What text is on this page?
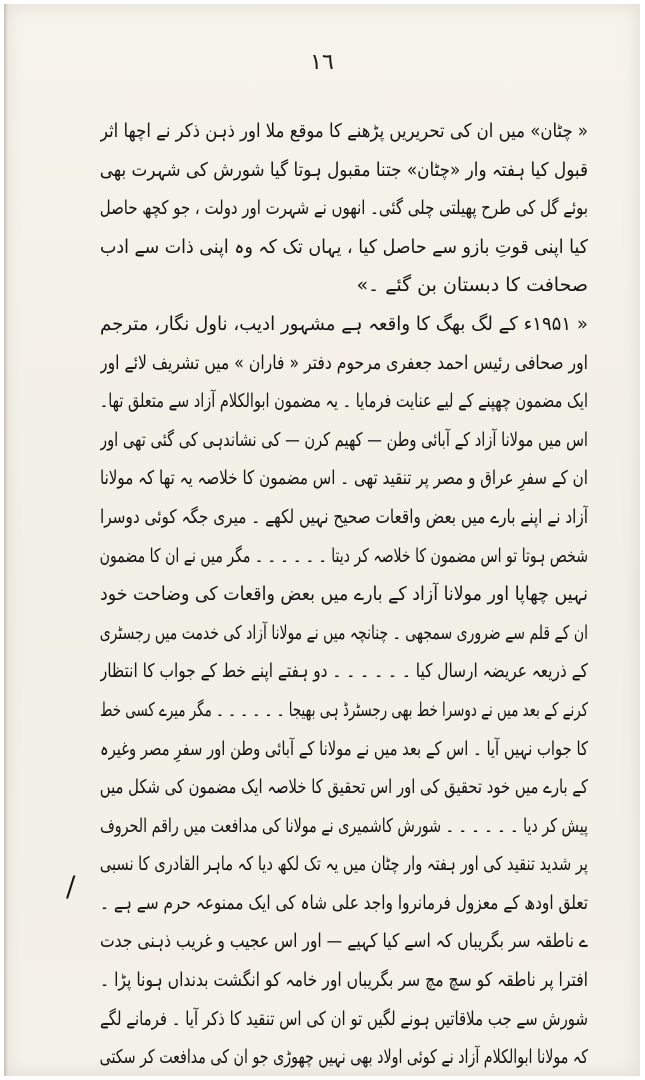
١٦
/
« چٹان» میں ان کی تحریریں پڑھنے کا موقع ملا اور ذہن ذکر نے اچھا اثر
قبول کیا ہفتہ وار «چٹان» جتنا مقبول ہوتا گیا شورش کی شہرت بھی
بوئے گل کی طرح پھیلتی چلی گئی۔ انھوں نے شہرت اور دولت ، جو کچھ حاصل
کیا اپنی قوتِ بازو سے حاصل کیا ، یہاں تک کہ وہ اپنی ذات سے ادب
صحافت کا دبستان بن گئے ۔»
« ۱۹۵۱ء کے لگ بھگ کا واقعہ ہے مشہور ادیب، ناول نگار، مترجم
اور صحافی رئیس احمد جعفری مرحوم دفتر « فاران » میں تشریف لائے اور
ایک مضمون چھپنے کے لیے عنایت فرمایا ۔ یہ مضمون ابوالکلام آزاد سے متعلق تھا۔
اس میں مولانا آزاد کے آبائی وطن — کھیم کرن — کی نشاندہی کی گئی تھی اور
ان کے سفرِ عراق و مصر پر تنقید تھی ۔ اس مضمون کا خلاصہ یہ تھا کہ مولانا
آزاد نے اپنے بارے میں بعض واقعات صحیح نہیں لکھے ۔ میری جگہ کوئی دوسرا
شخص ہوتا تو اس مضمون کا خلاصہ کر دیتا ۔ ۔ ۔ ۔ ۔ ۔ مگر میں نے ان کا مضمون
نہیں چھاپا اور مولانا آزاد کے بارے میں بعض واقعات کی وضاحت خود
ان کے قلم سے ضروری سمجھی ۔ چنانچہ میں نے مولانا آزاد کی خدمت میں رجسٹری
کے ذریعہ عریضہ ارسال کیا ۔ ۔ ۔ ۔ ۔ ۔ دو ہفتے اپنے خط کے جواب کا انتظار
کرنے کے بعد میں نے دوسرا خط بھی رجسٹرڈ ہی بھیجا ۔ ۔ ۔ ۔ ۔ ۔ مگر میرے کسی خط
کا جواب نہیں آیا ۔ اس کے بعد میں نے مولانا کے آبائی وطن اور سفرِ مصر وغیرہ
کے بارے میں خود تحقیق کی اور اس تحقیق کا خلاصہ ایک مضمون کی شکل میں
پیش کر دیا ۔ ۔ ۔ ۔ ۔ ۔ شورش کاشمیری نے مولانا کی مدافعت میں راقم الحروف
پر شدید تنقید کی اور ہفتہ وار چٹان میں یہ تک لکھ دیا کہ ماہر القادری کا نسبی
تعلق اودھ کے معزول فرمانروا واجد علی شاہ کی ایک ممنوعہ حرم سے ہے ۔
ے ناطقہ سر بگریباں کہ اسے کیا کہیے — اور اس عجیب و غریب ذہنی جدت
افترا پر ناطقہ کو سچ مچ سر بگریباں اور خامہ کو انگشت بدنداں ہونا پڑا ۔
شورش سے جب ملاقاتیں ہونے لگیں تو ان کی اس تنقید کا ذکر آیا ۔ فرمانے لگے
کہ مولانا ابوالکلام آزاد نے کوئی اولاد بھی نہیں چھوڑی جو ان کی مدافعت کر سکتی
